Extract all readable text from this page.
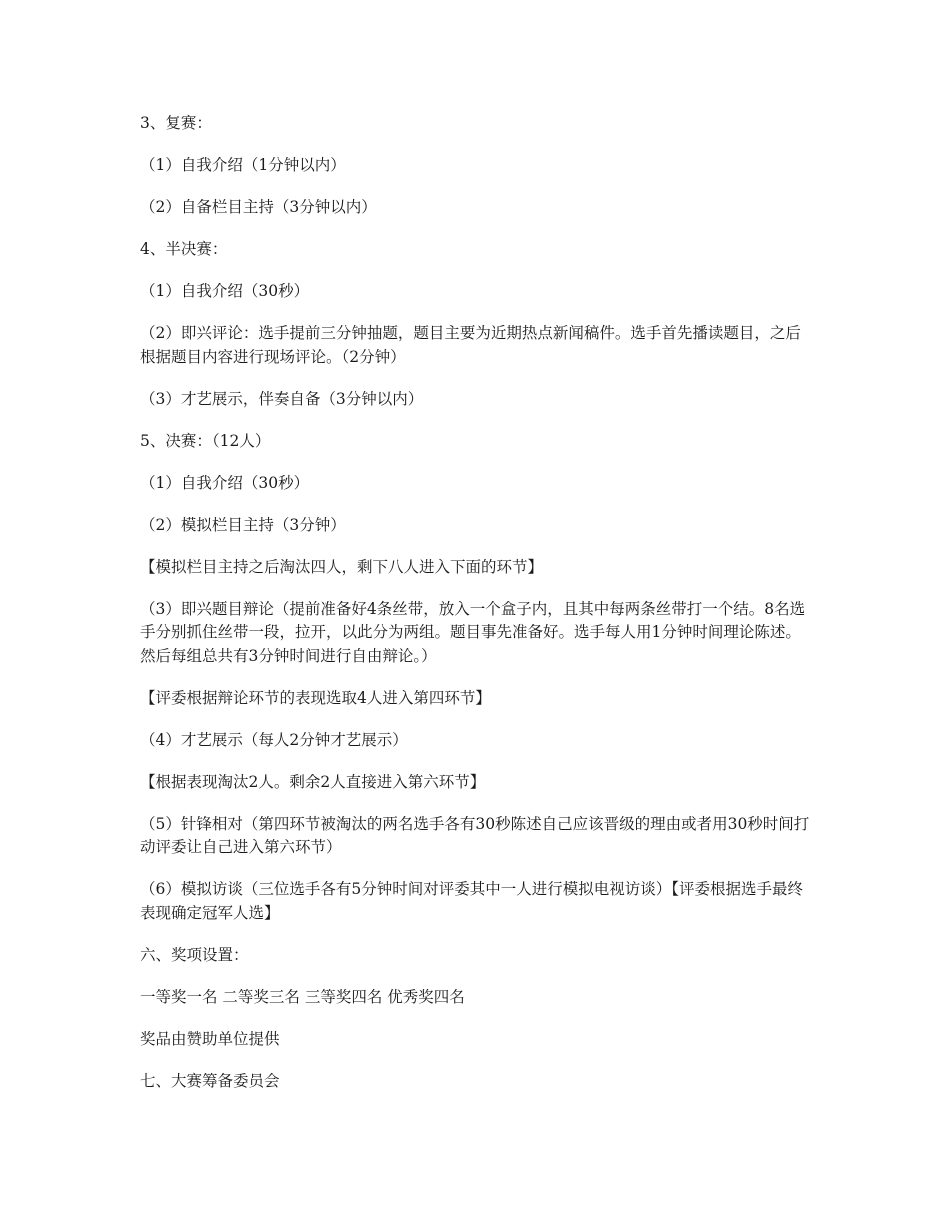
3、复赛：

（1）自我介绍（1分钟以内）

（2）自备栏目主持（3分钟以内）

4、半决赛：

（1）自我介绍（30秒）

（2）即兴评论：选手提前三分钟抽题，题目主要为近期热点新闻稿件。选手首先播读题目，之后根据题目内容进行现场评论。（2分钟）

（3）才艺展示，伴奏自备（3分钟以内）

5、决赛：（12人）

（1）自我介绍（30秒）

（2）模拟栏目主持（3分钟）

【模拟栏目主持之后淘汰四人，剩下八人进入下面的环节】

（3）即兴题目辩论（提前准备好4条丝带，放入一个盒子内，且其中每两条丝带打一个结。8名选手分别抓住丝带一段，拉开，以此分为两组。题目事先准备好。选手每人用1分钟时间理论陈述。然后每组总共有3分钟时间进行自由辩论。）

【评委根据辩论环节的表现选取4人进入第四环节】

（4）才艺展示（每人2分钟才艺展示）

【根据表现淘汰2人。剩余2人直接进入第六环节】

（5）针锋相对（第四环节被淘汰的两名选手各有30秒陈述自己应该晋级的理由或者用30秒时间打动评委让自己进入第六环节）

（6）模拟访谈（三位选手各有5分钟时间对评委其中一人进行模拟电视访谈）【评委根据选手最终表现确定冠军人选】

六、奖项设置：

一等奖一名 二等奖三名 三等奖四名 优秀奖四名

奖品由赞助单位提供

七、大赛筹备委员会
